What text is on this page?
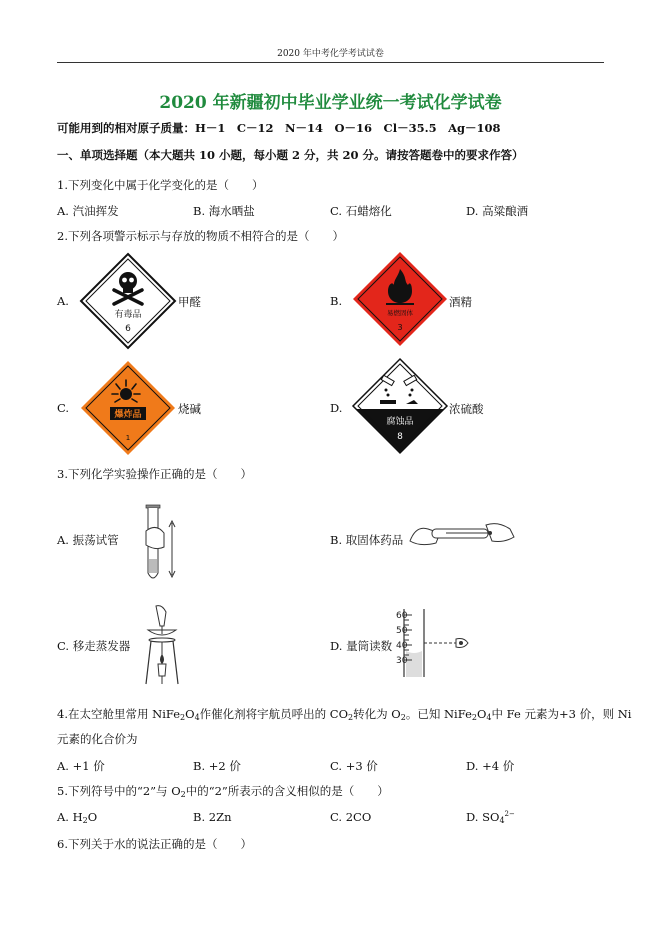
2020 年中考化学考试试卷
2020 年新疆初中毕业学业统一考试化学试卷
可能用到的相对原子质量：H－1　C－12　N－14　O－16　Cl－35.5　Ag－108
一、单项选择题（本大题共 10 小题，每小题 2 分，共 20 分。请按答题卷中的要求作答）
1.下列变化中属于化学变化的是（　　）
A. 汽油挥发	B. 海水晒盐	C. 石蜡熔化	D. 高粱酿酒
2.下列各项警示标示与存放的物质不相符合的是（　　）
A.
有毒品
6
甲醛	B.
易燃固体
3
酒精
C.	爆炸品
1
烧碱	D.
腐蚀品
8
浓硫酸
3.下列化学实验操作正确的是（　　）
A. 振荡试管	B. 取固体药品
C. 移走蒸发器	D. 量筒读数
60
50
40
30
4.在太空舱里常用 $NiFe_2O_4$作催化剂将宇航员呼出的 $CO_2$转化为 $O_2$。已知 $NiFe_2O_4$中 Fe 元素为+3 价，则 Ni
元素的化合价为
A. +1 价	B. +2 价	C. +3 价	D. +4 价
5.下列符号中的“2”与 $O_2$中的“2”所表示的含义相似的是（　　）
A. $H_2O$	B. 2Zn	C. 2CO	D. $SO_4^{2-}$
6.下列关于水的说法正确的是（　　）
